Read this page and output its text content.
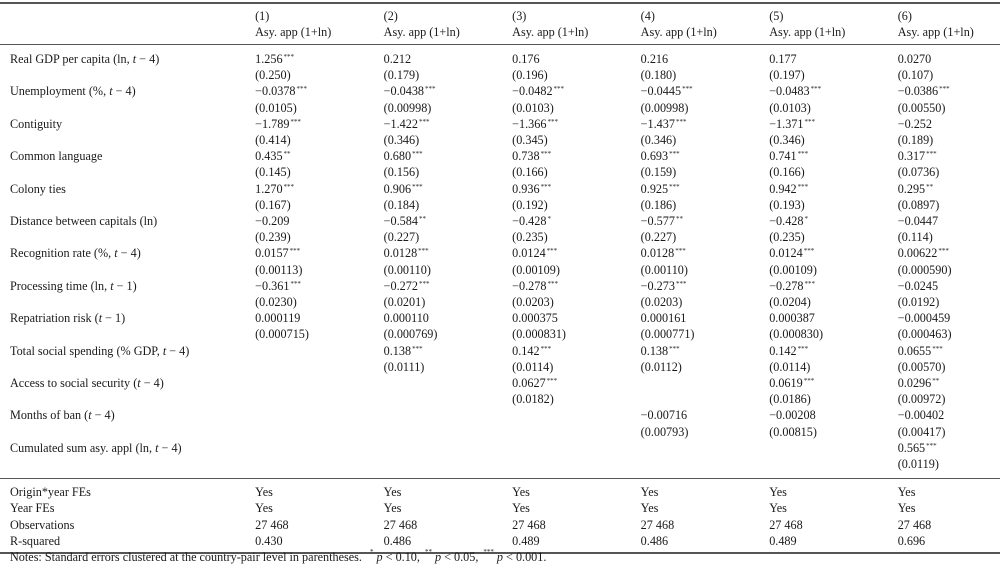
	(1)	(2)	(3)	(4)	(5)	(6)
	Asy. app (1+ln)	Asy. app (1+ln)	Asy. app (1+ln)	Asy. app (1+ln)	Asy. app (1+ln)	Asy. app (1+ln)
Real GDP per capita (ln, t − 4)	1.256***	0.212	0.176	0.216	0.177	0.0270
	(0.250)	(0.179)	(0.196)	(0.180)	(0.197)	(0.107)
Unemployment (%, t − 4)	−0.0378***	−0.0438***	−0.0482***	−0.0445***	−0.0483***	−0.0386***
	(0.0105)	(0.00998)	(0.0103)	(0.00998)	(0.0103)	(0.00550)
Contiguity	−1.789***	−1.422***	−1.366***	−1.437***	−1.371***	−0.252
	(0.414)	(0.346)	(0.345)	(0.346)	(0.346)	(0.189)
Common language	0.435**	0.680***	0.738***	0.693***	0.741***	0.317***
	(0.145)	(0.156)	(0.166)	(0.159)	(0.166)	(0.0736)
Colony ties	1.270***	0.906***	0.936***	0.925***	0.942***	0.295**
	(0.167)	(0.184)	(0.192)	(0.186)	(0.193)	(0.0897)
Distance between capitals (ln)	−0.209	−0.584**	−0.428*	−0.577**	−0.428*	−0.0447
	(0.239)	(0.227)	(0.235)	(0.227)	(0.235)	(0.114)
Recognition rate (%, t − 4)	0.0157***	0.0128***	0.0124***	0.0128***	0.0124***	0.00622***
	(0.00113)	(0.00110)	(0.00109)	(0.00110)	(0.00109)	(0.000590)
Processing time (ln, t − 1)	−0.361***	−0.272***	−0.278***	−0.273***	−0.278***	−0.0245
	(0.0230)	(0.0201)	(0.0203)	(0.0203)	(0.0204)	(0.0192)
Repatriation risk (t − 1)	0.000119	0.000110	0.000375	0.000161	0.000387	−0.000459
	(0.000715)	(0.000769)	(0.000831)	(0.000771)	(0.000830)	(0.000463)
Total social spending (% GDP, t − 4)		0.138***	0.142***	0.138***	0.142***	0.0655***
		(0.0111)	(0.0114)	(0.0112)	(0.0114)	(0.00570)
Access to social security (t − 4)			0.0627***		0.0619***	0.0296**
			(0.0182)		(0.0186)	(0.00972)
Months of ban (t − 4)				−0.00716	−0.00208	−0.00402
				(0.00793)	(0.00815)	(0.00417)
Cumulated sum asy. appl (ln, t − 4)						0.565***
						(0.0119)
Origin*year FEs	Yes	Yes	Yes	Yes	Yes	Yes
Year FEs	Yes	Yes	Yes	Yes	Yes	Yes
Observations	27 468	27 468	27 468	27 468	27 468	27 468
R-squared	0.430	0.486	0.489	0.486	0.489	0.696
Notes: Standard errors clustered at the country-pair level in parentheses. * p < 0.10, ** p < 0.05, *** p < 0.001.
